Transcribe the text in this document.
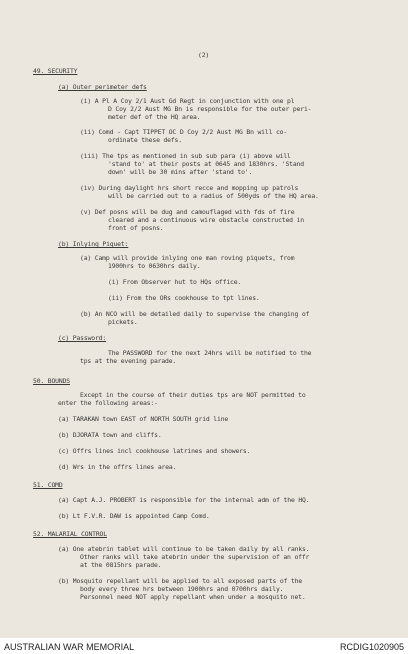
(2)
49. SECURITY
(a) Outer perimeter defs
(i) A Pl A Coy 2/1 Aust Gd Regt in conjunction with one pl
D Coy 2/2 Aust MG Bn is responsible for the outer peri-
meter def of the HQ area.
(ii) Comd - Capt TIPPET OC D Coy 2/2 Aust MG Bn will co-
ordinate these defs.
(iii) The tps as mentioned in sub sub para (i) above will
'stand to' at their posts at 0645 and 1830hrs. 'Stand
down' will be 30 mins after 'stand to'.
(iv) During daylight hrs short recce and mopping up patrols
will be carried out to a radius of 500yds of the HQ area.
(v) Def posns will be dug and camouflaged with fds of fire
cleared and a continuous wire obstacle constructed in
front of posns.
(b) Inlying Piquet:
(a) Camp will provide inlying one man roving piquets, from
1900hrs to 0630hrs daily.
(i) From Observer hut to HQs office.
(ii) From the ORs cookhouse to tpt lines.
(b) An NCO will be detailed daily to supervise the changing of
pickets.
(c) Password:
The PASSWORD for the next 24hrs will be notified to the
tps at the evening parade.
50. BOUNDS
Except in the course of their duties tps are NOT permitted to
enter the following areas:-
(a) TARAKAN town EAST of NORTH SOUTH grid line
(b) DJORATA town and cliffs.
(c) Offrs lines incl cookhouse latrines and showers.
(d) Wrs in the offrs lines area.
51. COMD
(a) Capt A.J. PROBERT is responsible for the internal adm of the HQ.
(b) Lt F.V.R. DAW is appointed Camp Comd.
52. MALARIAL CONTROL
(a) One atebrin tablet will continue to be taken daily by all ranks.
Other ranks will take atebrin under the supervision of an offr
at the 0815hrs parade.
(b) Mosquito repellant will be applied to all exposed parts of the
body every three hrs between 1900hrs and 0700hrs daily.
Personnel need NOT apply repellant when under a mosquito net.
AUSTRALIAN WAR MEMORIAL	RCDIG1020905
